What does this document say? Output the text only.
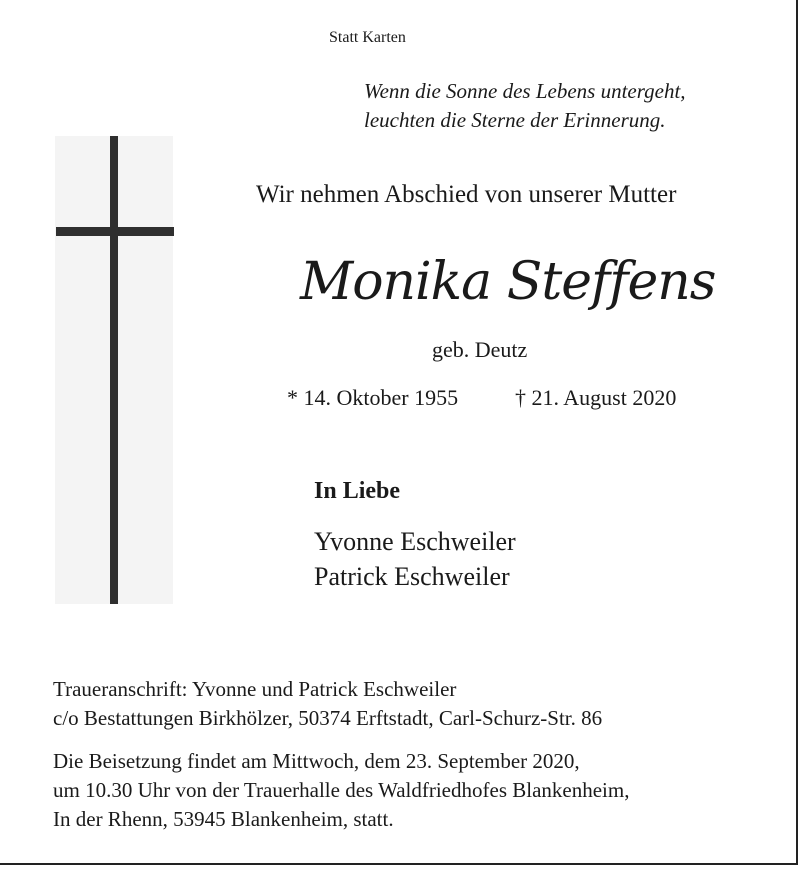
Statt Karten
Wenn die Sonne des Lebens untergeht,
leuchten die Sterne der Erinnerung.
Wir nehmen Abschied von unserer Mutter
Monika Steffens
geb. Deutz
* 14. Oktober 1955	† 21. August 2020
In Liebe
Yvonne Eschweiler
Patrick Eschweiler
Traueranschrift: Yvonne und Patrick Eschweiler
c/o Bestattungen Birkhölzer, 50374 Erftstadt, Carl-Schurz-Str. 86
Die Beisetzung findet am Mittwoch, dem 23. September 2020,
um 10.30 Uhr von der Trauerhalle des Waldfriedhofes Blankenheim,
In der Rhenn, 53945 Blankenheim, statt.
